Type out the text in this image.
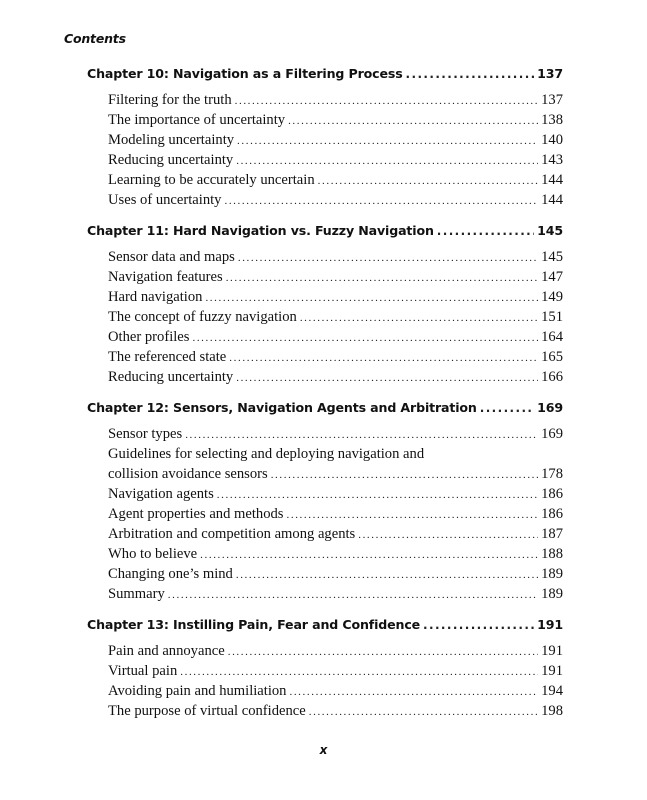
Contents
Chapter 10: Navigation as a Filtering Process .....	137
Filtering for the truth .....	137
The importance of uncertainty .....	138
Modeling uncertainty .....	140
Reducing uncertainty .....	143
Learning to be accurately uncertain .....	144
Uses of uncertainty .....	144
Chapter 11: Hard Navigation vs. Fuzzy Navigation .....	145
Sensor data and maps .....	145
Navigation features .....	147
Hard navigation .....	149
The concept of fuzzy navigation .....	151
Other profiles .....	164
The referenced state .....	165
Reducing uncertainty .....	166
Chapter 12: Sensors, Navigation Agents and Arbitration .....	169
Sensor types .....	169
Guidelines for selecting and deploying navigation and
collision avoidance sensors .....	178
Navigation agents .....	186
Agent properties and methods .....	186
Arbitration and competition among agents .....	187
Who to believe .....	188
Changing one’s mind .....	189
Summary .....	189
Chapter 13: Instilling Pain, Fear and Confidence .....	191
Pain and annoyance .....	191
Virtual pain .....	191
Avoiding pain and humiliation .....	194
The purpose of virtual confidence .....	198
x
